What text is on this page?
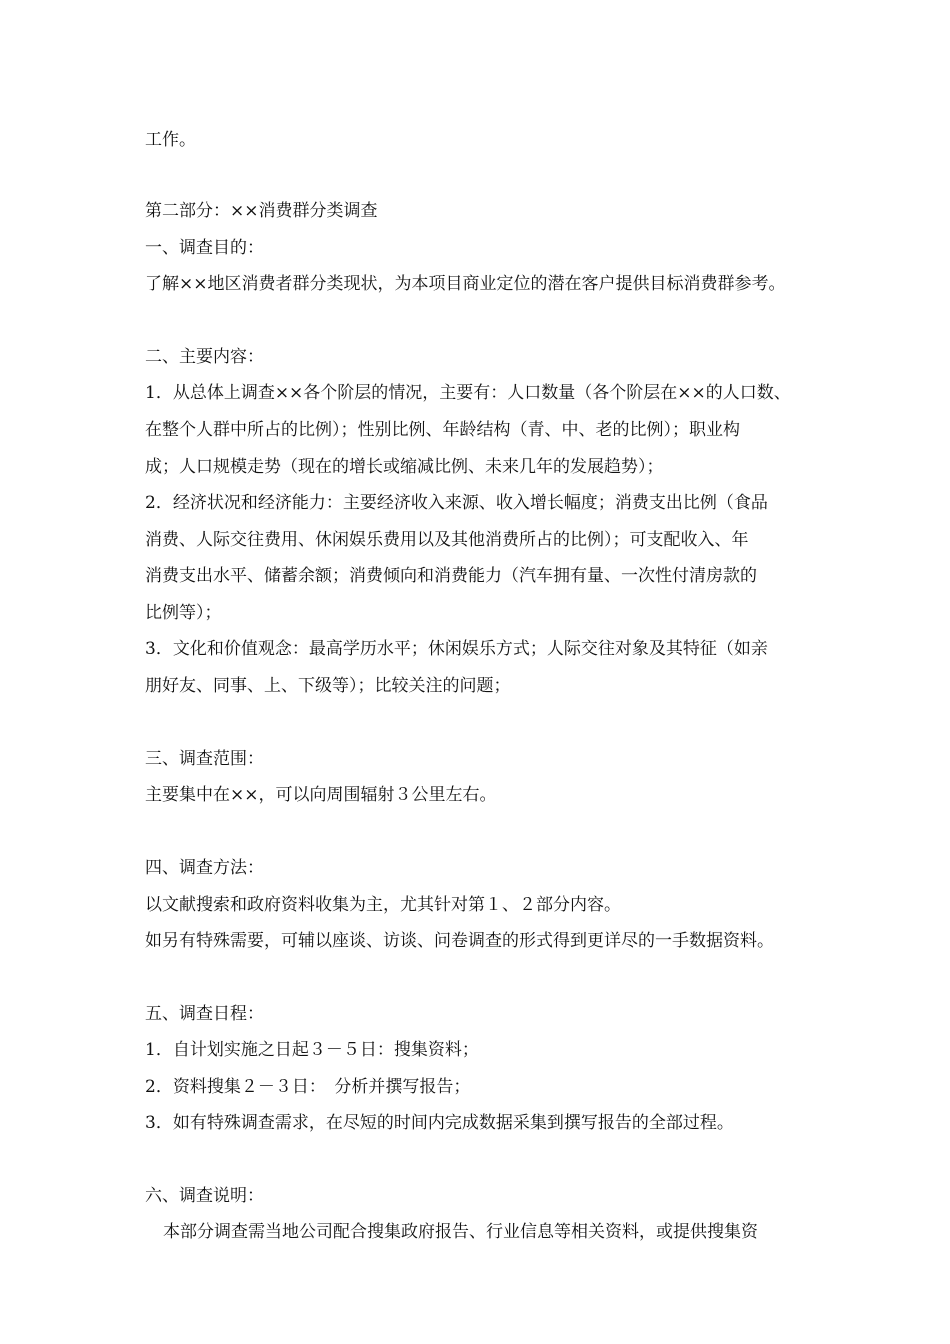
工作。
第二部分：××消费群分类调查
一、调查目的：
了解××地区消费者群分类现状，为本项目商业定位的潜在客户提供目标消费群参考。
二、主要内容：
1．从总体上调查××各个阶层的情况，主要有：人口数量（各个阶层在××的人口数、
在整个人群中所占的比例）；性别比例、年龄结构（青、中、老的比例）；职业构
成；人口规模走势（现在的增长或缩减比例、未来几年的发展趋势）；
2．经济状况和经济能力：主要经济收入来源、收入增长幅度；消费支出比例（食品
消费、人际交往费用、休闲娱乐费用以及其他消费所占的比例）；可支配收入、年
消费支出水平、储蓄余额；消费倾向和消费能力（汽车拥有量、一次性付清房款的
比例等）；
3．文化和价值观念：最高学历水平；休闲娱乐方式；人际交往对象及其特征（如亲
朋好友、同事、上、下级等）；比较关注的问题；
三、调查范围：
主要集中在××，可以向周围辐射３公里左右。
四、调查方法：
以文献搜索和政府资料收集为主，尤其针对第１、２部分内容。
如另有特殊需要，可辅以座谈、访谈、问卷调查的形式得到更详尽的一手数据资料。
五、调查日程：
1．自计划实施之日起３－５日：搜集资料；
2．资料搜集２－３日：　分析并撰写报告；
3．如有特殊调查需求，在尽短的时间内完成数据采集到撰写报告的全部过程。
六、调查说明：
本部分调查需当地公司配合搜集政府报告、行业信息等相关资料，或提供搜集资
